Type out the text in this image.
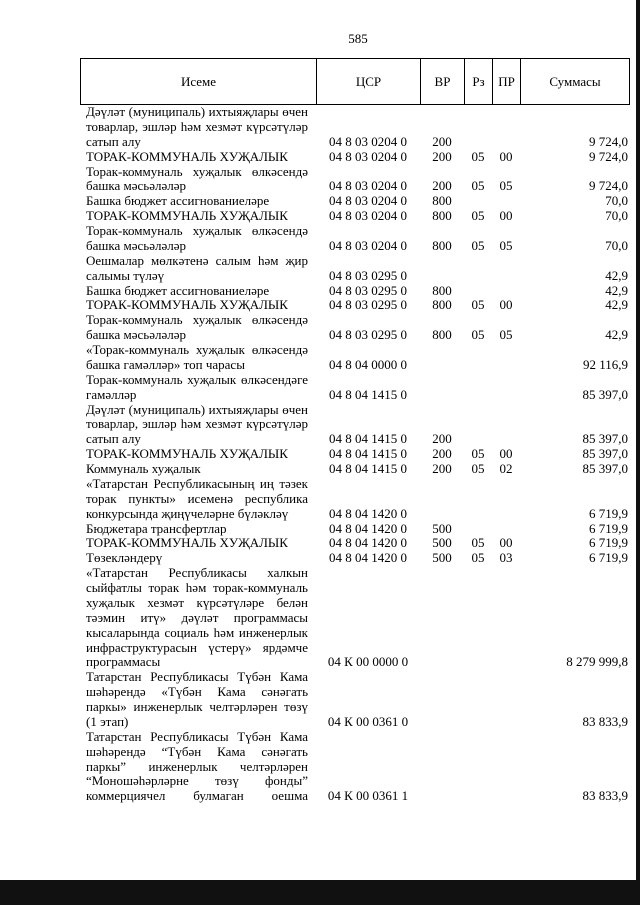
585
Исеме	ЦСР	ВР	Рз	ПР	Суммасы
Дәүләт (муниципаль) ихтыяҗлары өчен
товарлар, эшләр һәм хезмәт күрсәтүләр
сатып алу	04 8 03 0204 0	200	9 724,0
ТОРАК-КОММУНАЛЬ ХУҖАЛЫК	04 8 03 0204 0	200	05	00	9 724,0
Торак-коммуналь хуҗалык өлкәсендә
башка мәсьәләләр	04 8 03 0204 0	200	05	05	9 724,0
Башка бюджет ассигнованиеләре	04 8 03 0204 0	800	70,0
ТОРАК-КОММУНАЛЬ ХУҖАЛЫК	04 8 03 0204 0	800	05	00	70,0
Торак-коммуналь хуҗалык өлкәсендә
башка мәсьәләләр	04 8 03 0204 0	800	05	05	70,0
Оешмалар мөлкәтенә салым һәм җир
салымы түләү	04 8 03 0295 0	42,9
Башка бюджет ассигнованиеләре	04 8 03 0295 0	800	42,9
ТОРАК-КОММУНАЛЬ ХУҖАЛЫК	04 8 03 0295 0	800	05	00	42,9
Торак-коммуналь хуҗалык өлкәсендә
башка мәсьәләләр	04 8 03 0295 0	800	05	05	42,9
«Торак-коммуналь хуҗалык өлкәсендә
башка гамәлләр» топ чарасы	04 8 04 0000 0	92 116,9
Торак-коммуналь хуҗалык өлкәсендәге
гамәлләр	04 8 04 1415 0	85 397,0
Дәүләт (муниципаль) ихтыяҗлары өчен
товарлар, эшләр һәм хезмәт күрсәтүләр
сатып алу	04 8 04 1415 0	200	85 397,0
ТОРАК-КОММУНАЛЬ ХУҖАЛЫК	04 8 04 1415 0	200	05	00	85 397,0
Коммуналь хуҗалык	04 8 04 1415 0	200	05	02	85 397,0
«Татарстан Республикасының иң тәзек
торак пункты» исеменә республика
конкурсында җиңүчеләрне бүләкләү	04 8 04 1420 0	6 719,9
Бюджетара трансфертлар	04 8 04 1420 0	500	6 719,9
ТОРАК-КОММУНАЛЬ ХУҖАЛЫК	04 8 04 1420 0	500	05	00	6 719,9
Төзекләндерү	04 8 04 1420 0	500	05	03	6 719,9
«Татарстан Республикасы халкын
сыйфатлы торак һәм торак-коммуналь
хуҗалык хезмәт күрсәтүләре белән
тәэмин итү» дәүләт программасы
кысаларында социаль һәм инженерлык
инфраструктурасын үстерү» ярдәмче
программасы	04 К 00 0000 0	8 279 999,8
Татарстан Республикасы Түбән Кама
шәһәрендә «Түбән Кама сәнәгать
паркы» инженерлык челтәрләрен төзү
(1 этап)	04 К 00 0361 0	83 833,9
Татарстан Республикасы Түбән Кама
шәһәрендә “Түбән Кама сәнәгать
паркы” инженерлык челтәрләрен
“Моношәһәрләрне төзү фонды”
коммерциячел булмаган оешма	04 К 00 0361 1	83 833,9
